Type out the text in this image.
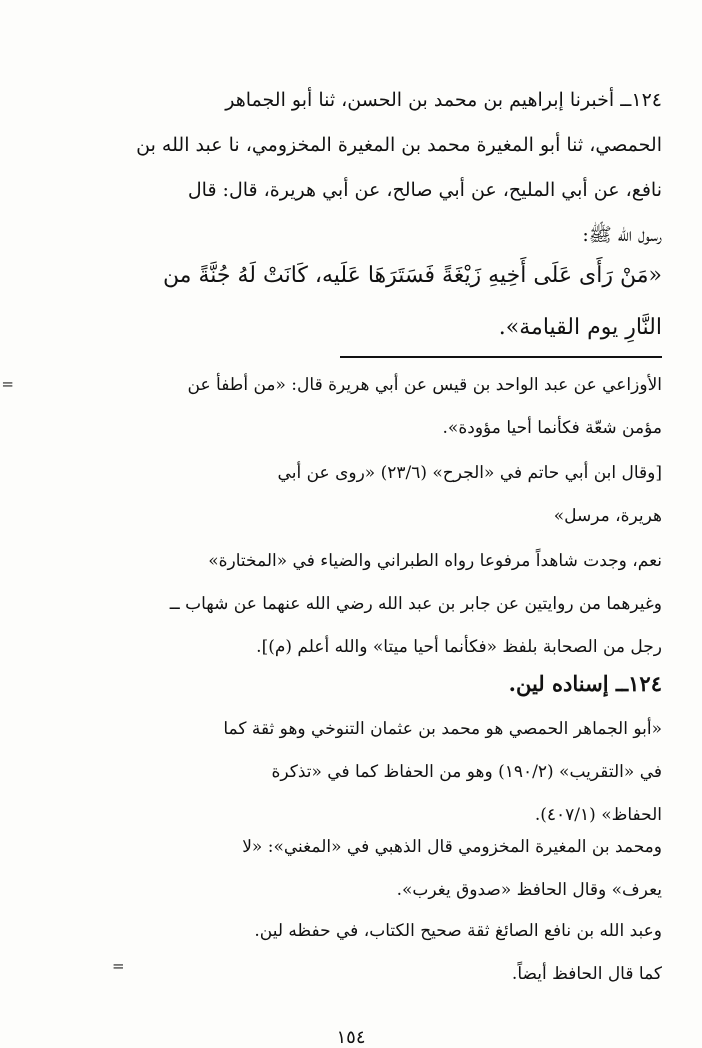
١٢٤ــ أخبرنا إبراهيم بن محمد بن الحسن، ثنا أبو الجماهر
الحمصي، ثنا أبو المغيرة محمد بن المغيرة المخزومي، نا عبد الله بن
نافع، عن أبي المليح، عن أبي صالح، عن أبي هريرة، قال: قال
رسول الله ﷺ:
«مَنْ رَأَى عَلَى أَخِيهِ زَيْغَةً فَسَتَرَهَا عَلَيه، كَانَتْ لَهُ جُنَّةً من
النَّارِ يوم القيامة».
=	الأوزاعي عن عبد الواحد بن قيس عن أبي هريرة قال: «من أطفأ عن
مؤمن شعّة فكأنما أحيا مؤودة».
[وقال ابن أبي حاتم في «الجرح» (٢٣/٦) «روى عن أبي
هريرة، مرسل»
نعم، وجدت شاهداً مرفوعا رواه الطبراني والضياء في «المختارة»
وغيرهما من روايتين عن جابر بن عبد الله رضي الله عنهما عن شهاب ــ
رجل من الصحابة بلفظ «فكأنما أحيا ميتا» والله أعلم (م)].
١٢٤ــ إسناده لين.
«أبو الجماهر الحمصي هو محمد بن عثمان التنوخي وهو ثقة كما
في «التقريب» (١٩٠/٢) وهو من الحفاظ كما في «تذكرة
الحفاظ» (٤٠٧/١).
ومحمد بن المغيرة المخزومي قال الذهبي في «المغني»: «لا
يعرف» وقال الحافظ «صدوق يغرب».
وعبد الله بن نافع الصائغ ثقة صحيح الكتاب، في حفظه لين.
كما قال الحافظ أيضاً.
=
١٥٤
